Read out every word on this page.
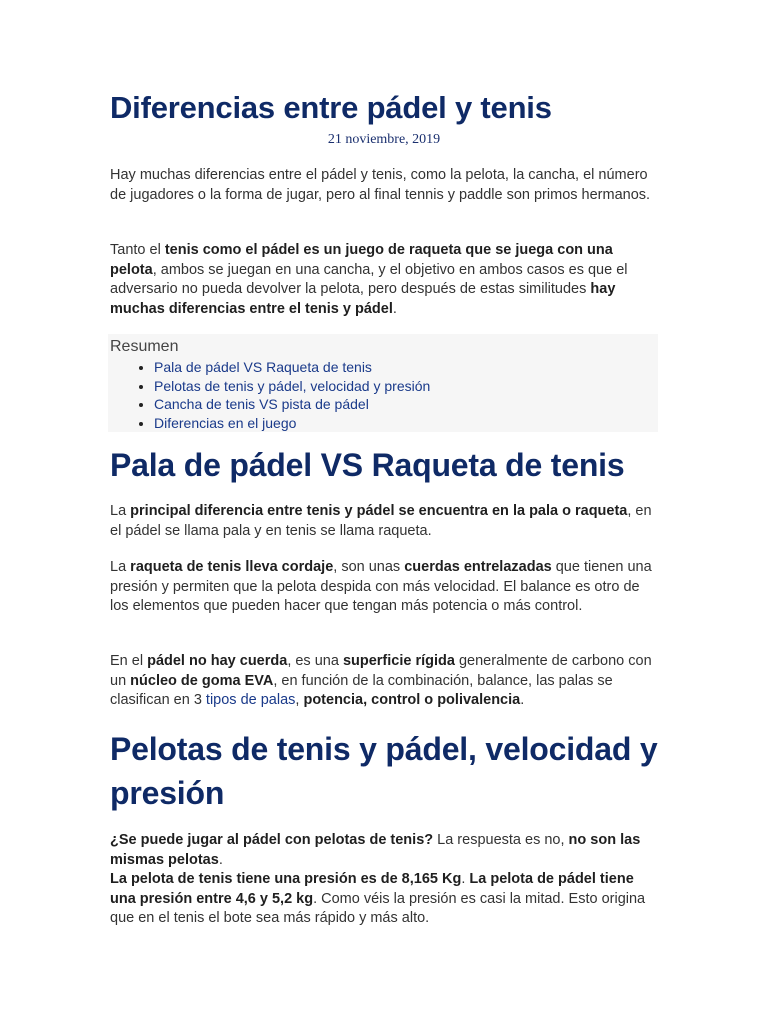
Diferencias entre pádel y tenis
21 noviembre, 2019

Hay muchas diferencias entre el pádel y tenis, como la pelota, la cancha, el número de jugadores o la forma de jugar, pero al final tennis y paddle son primos hermanos.

Tanto el tenis como el pádel es un juego de raqueta que se juega con una pelota, ambos se juegan en una cancha, y el objetivo en ambos casos es que el adversario no pueda devolver la pelota, pero después de estas similitudes hay muchas diferencias entre el tenis y pádel.

Resumen
• Pala de pádel VS Raqueta de tenis
• Pelotas de tenis y pádel, velocidad y presión
• Cancha de tenis VS pista de pádel
• Diferencias en el juego
Pala de pádel VS Raqueta de tenis

La principal diferencia entre tenis y pádel se encuentra en la pala o raqueta, en el pádel se llama pala y en tenis se llama raqueta.

La raqueta de tenis lleva cordaje, son unas cuerdas entrelazadas que tienen una presión y permiten que la pelota despida con más velocidad. El balance es otro de los elementos que pueden hacer que tengan más potencia o más control.

En el pádel no hay cuerda, es una superficie rígida generalmente de carbono con un núcleo de goma EVA, en función de la combinación, balance, las palas se clasifican en 3 tipos de palas, potencia, control o polivalencia.

Pelotas de tenis y pádel, velocidad y presión

¿Se puede jugar al pádel con pelotas de tenis? La respuesta es no, no son las mismas pelotas.
La pelota de tenis tiene una presión es de 8,165 Kg. La pelota de pádel tiene una presión entre 4,6 y 5,2 kg. Como véis la presión es casi la mitad. Esto origina que en el tenis el bote sea más rápido y más alto.
